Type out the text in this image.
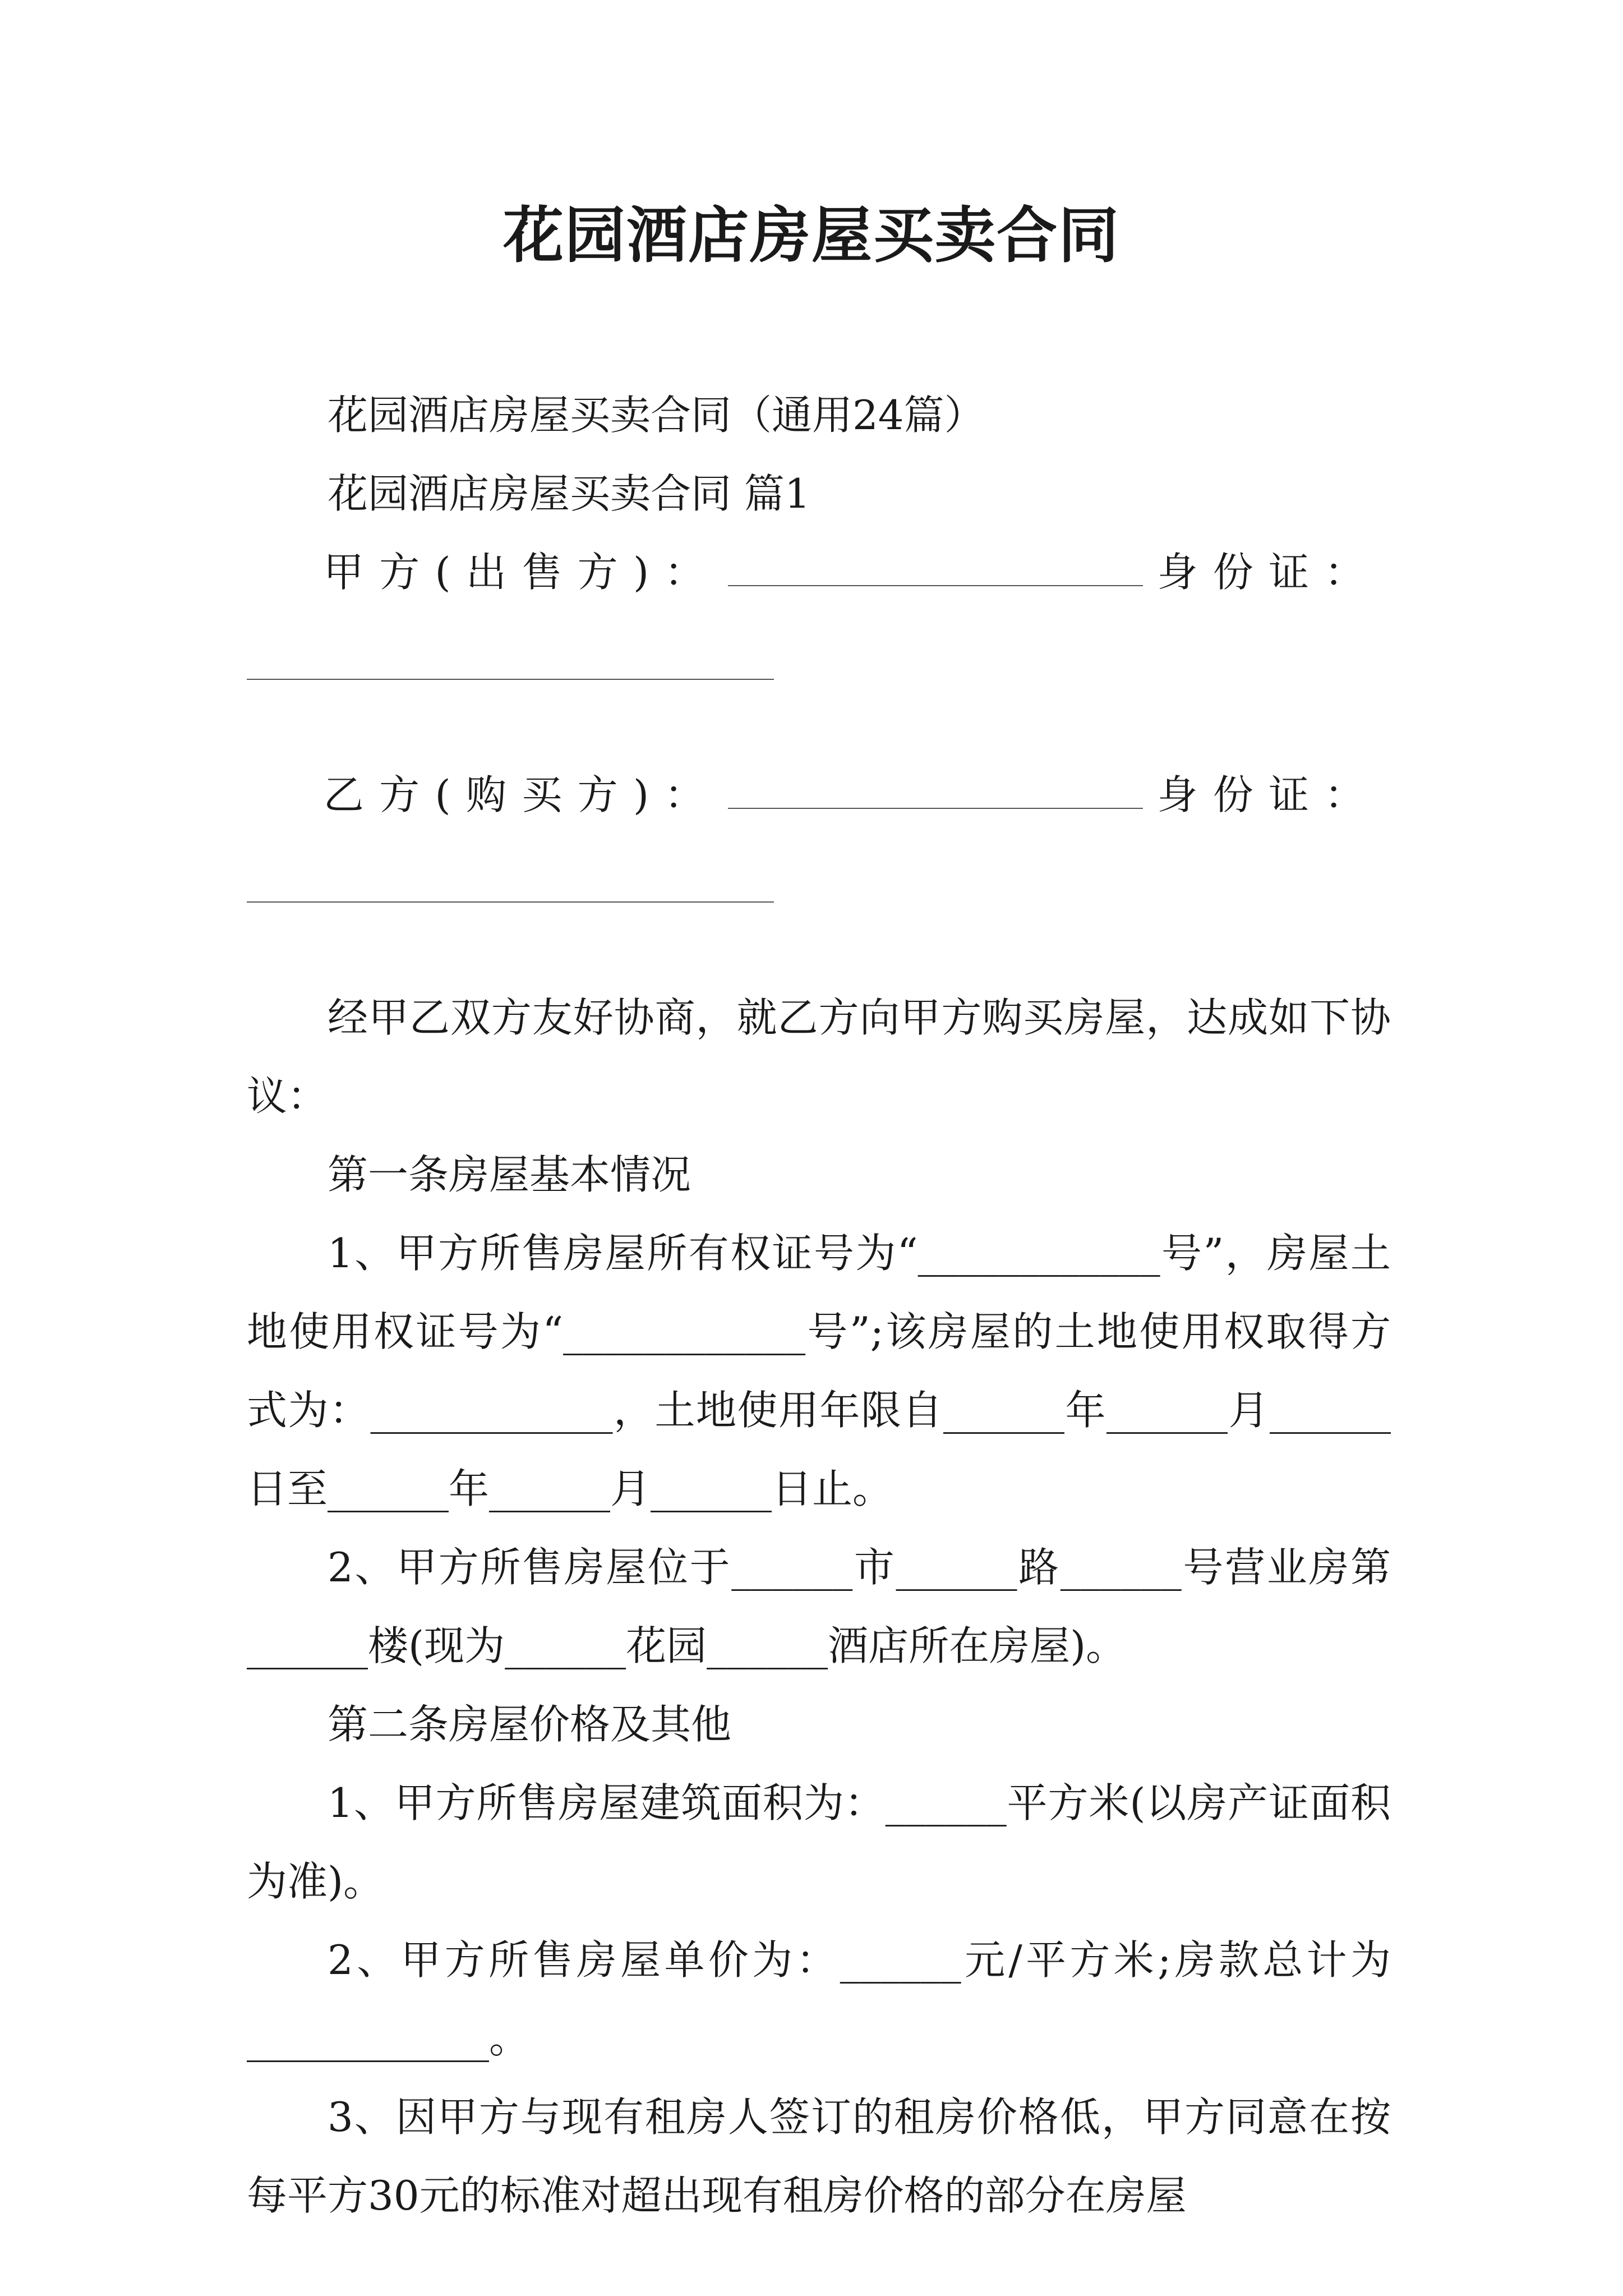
花园酒店房屋买卖合同

花园酒店房屋买卖合同（通用24篇）

花园酒店房屋买卖合同 篇1

甲方(出售方)：	身份证：
乙方(购买方)：	身份证：

经甲乙双方友好协商，就乙方向甲方购买房屋，达成如下协议：

第一条房屋基本情况

1、甲方所售房屋所有权证号为“____________号”，房屋土地使用权证号为“____________号”;该房屋的土地使用权取得方式为：____________，土地使用年限自______年______月______日至______年______月______日止。

2、甲方所售房屋位于______市______路______号营业房第______楼(现为______花园______酒店所在房屋)。

第二条房屋价格及其他

1、甲方所售房屋建筑面积为：______平方米(以房产证面积为准)。

2、甲方所售房屋单价为：______元/平方米;房款总计为____________。

3、因甲方与现有租房人签订的租房价格低，甲方同意在按每平方30元的标准对超出现有租房价格的部分在房屋
